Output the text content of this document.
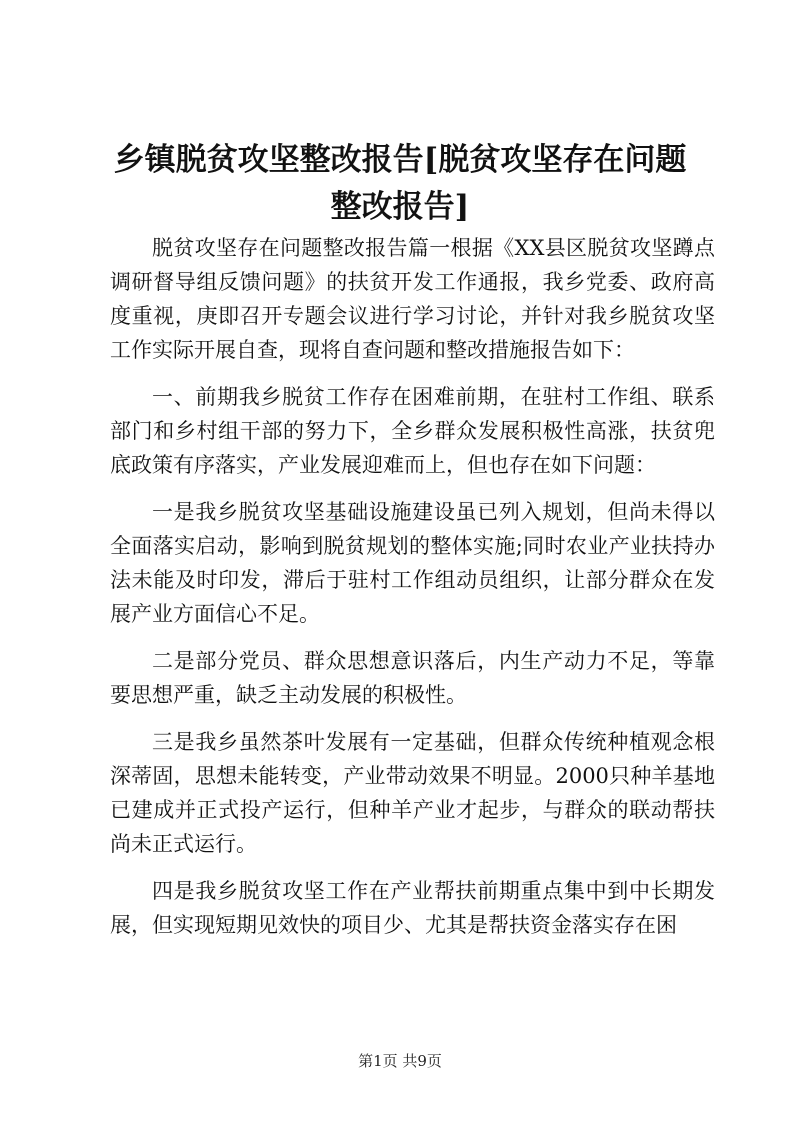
乡镇脱贫攻坚整改报告[脱贫攻坚存在问题整改报告]

脱贫攻坚存在问题整改报告篇一根据《XX县区脱贫攻坚蹲点调研督导组反馈问题》的扶贫开发工作通报，我乡党委、政府高度重视，庚即召开专题会议进行学习讨论，并针对我乡脱贫攻坚工作实际开展自查，现将自查问题和整改措施报告如下：

一、前期我乡脱贫工作存在困难前期，在驻村工作组、联系部门和乡村组干部的努力下，全乡群众发展积极性高涨，扶贫兜底政策有序落实，产业发展迎难而上，但也存在如下问题：

一是我乡脱贫攻坚基础设施建设虽已列入规划，但尚未得以全面落实启动，影响到脱贫规划的整体实施;同时农业产业扶持办法未能及时印发，滞后于驻村工作组动员组织，让部分群众在发展产业方面信心不足。

二是部分党员、群众思想意识落后，内生产动力不足，等靠要思想严重，缺乏主动发展的积极性。

三是我乡虽然茶叶发展有一定基础，但群众传统种植观念根深蒂固，思想未能转变，产业带动效果不明显。2000只种羊基地已建成并正式投产运行，但种羊产业才起步，与群众的联动帮扶尚未正式运行。

四是我乡脱贫攻坚工作在产业帮扶前期重点集中到中长期发展，但实现短期见效快的项目少、尤其是帮扶资金落实存在困

第1页 共9页
